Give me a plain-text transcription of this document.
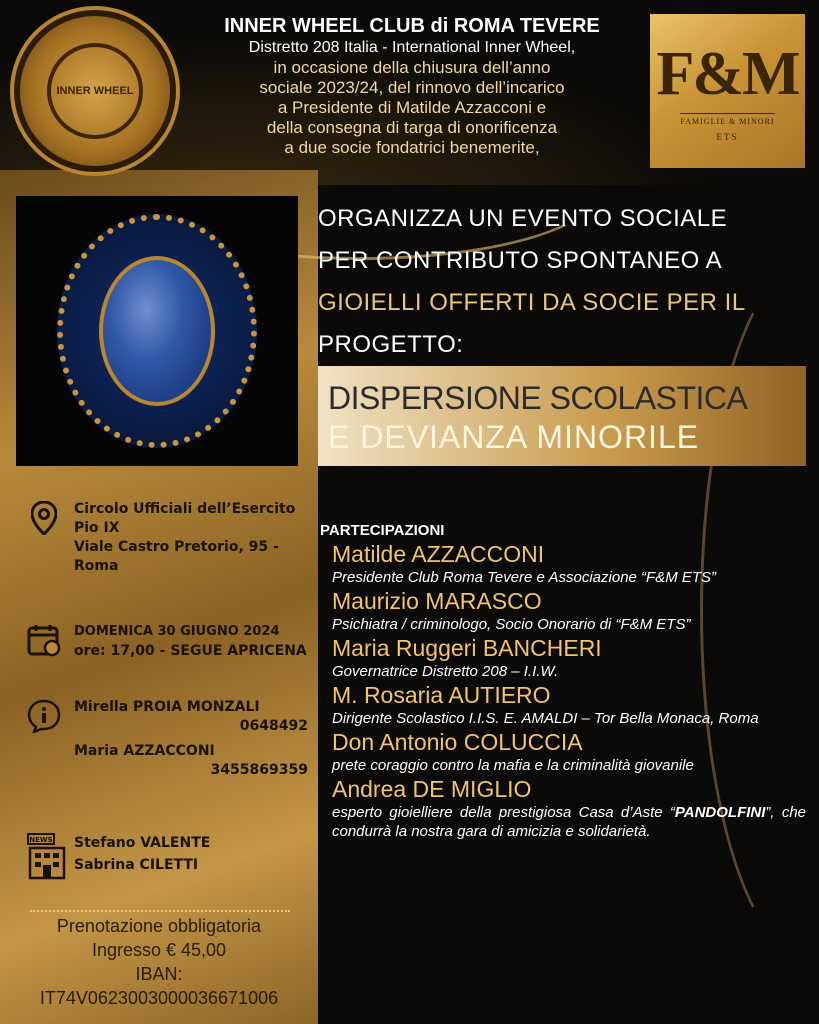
INNER WHEEL
INNER WHEEL CLUB di ROMA TEVERE
Distretto 208 Italia - International Inner Wheel,
in occasione della chiusura dell’anno
sociale 2023/24, del rinnovo dell’incarico
a Presidente di Matilde Azzacconi e
della consegna di targa di onorificenza
a due socie fondatrici benemerite,
F&M
FAMIGLIE & MINORI
ETS
ORGANIZZA UN EVENTO SOCIALE
PER CONTRIBUTO SPONTANEO A
GIOIELLI OFFERTI DA SOCIE PER IL
PROGETTO:
DISPERSIONE SCOLASTICA
E DEVIANZA MINORILE
Circolo Ufficiali dell’Esercito
Pio IX
Viale Castro Pretorio, 95 -
Roma
DOMENICA 30 GIUGNO 2024
ore: 17,00 - SEGUE APRICENA
Mirella PROIA MONZALI
0648492
Maria AZZACCONI
3455869359
NEWS Stefano VALENTE
Sabrina CILETTI
Prenotazione obbligatoria
Ingresso € 45,00
IBAN:
IT74V0623003000036671006
PARTECIPAZIONI
Matilde AZZACCONI
Presidente Club Roma Tevere e Associazione “F&M ETS”
Maurizio MARASCO
Psichiatra / criminologo, Socio Onorario di “F&M ETS”
Maria Ruggeri BANCHERI
Governatrice Distretto 208 – I.I.W.
M. Rosaria AUTIERO
Dirigente Scolastico I.I.S. E. AMALDI – Tor Bella Monaca, Roma
Don Antonio COLUCCIA
prete coraggio contro la mafia e la criminalità giovanile
Andrea DE MIGLIO
esperto gioielliere della prestigiosa Casa d’Aste “PANDOLFINI”, che condurrà la nostra gara di amicizia e solidarietà.
